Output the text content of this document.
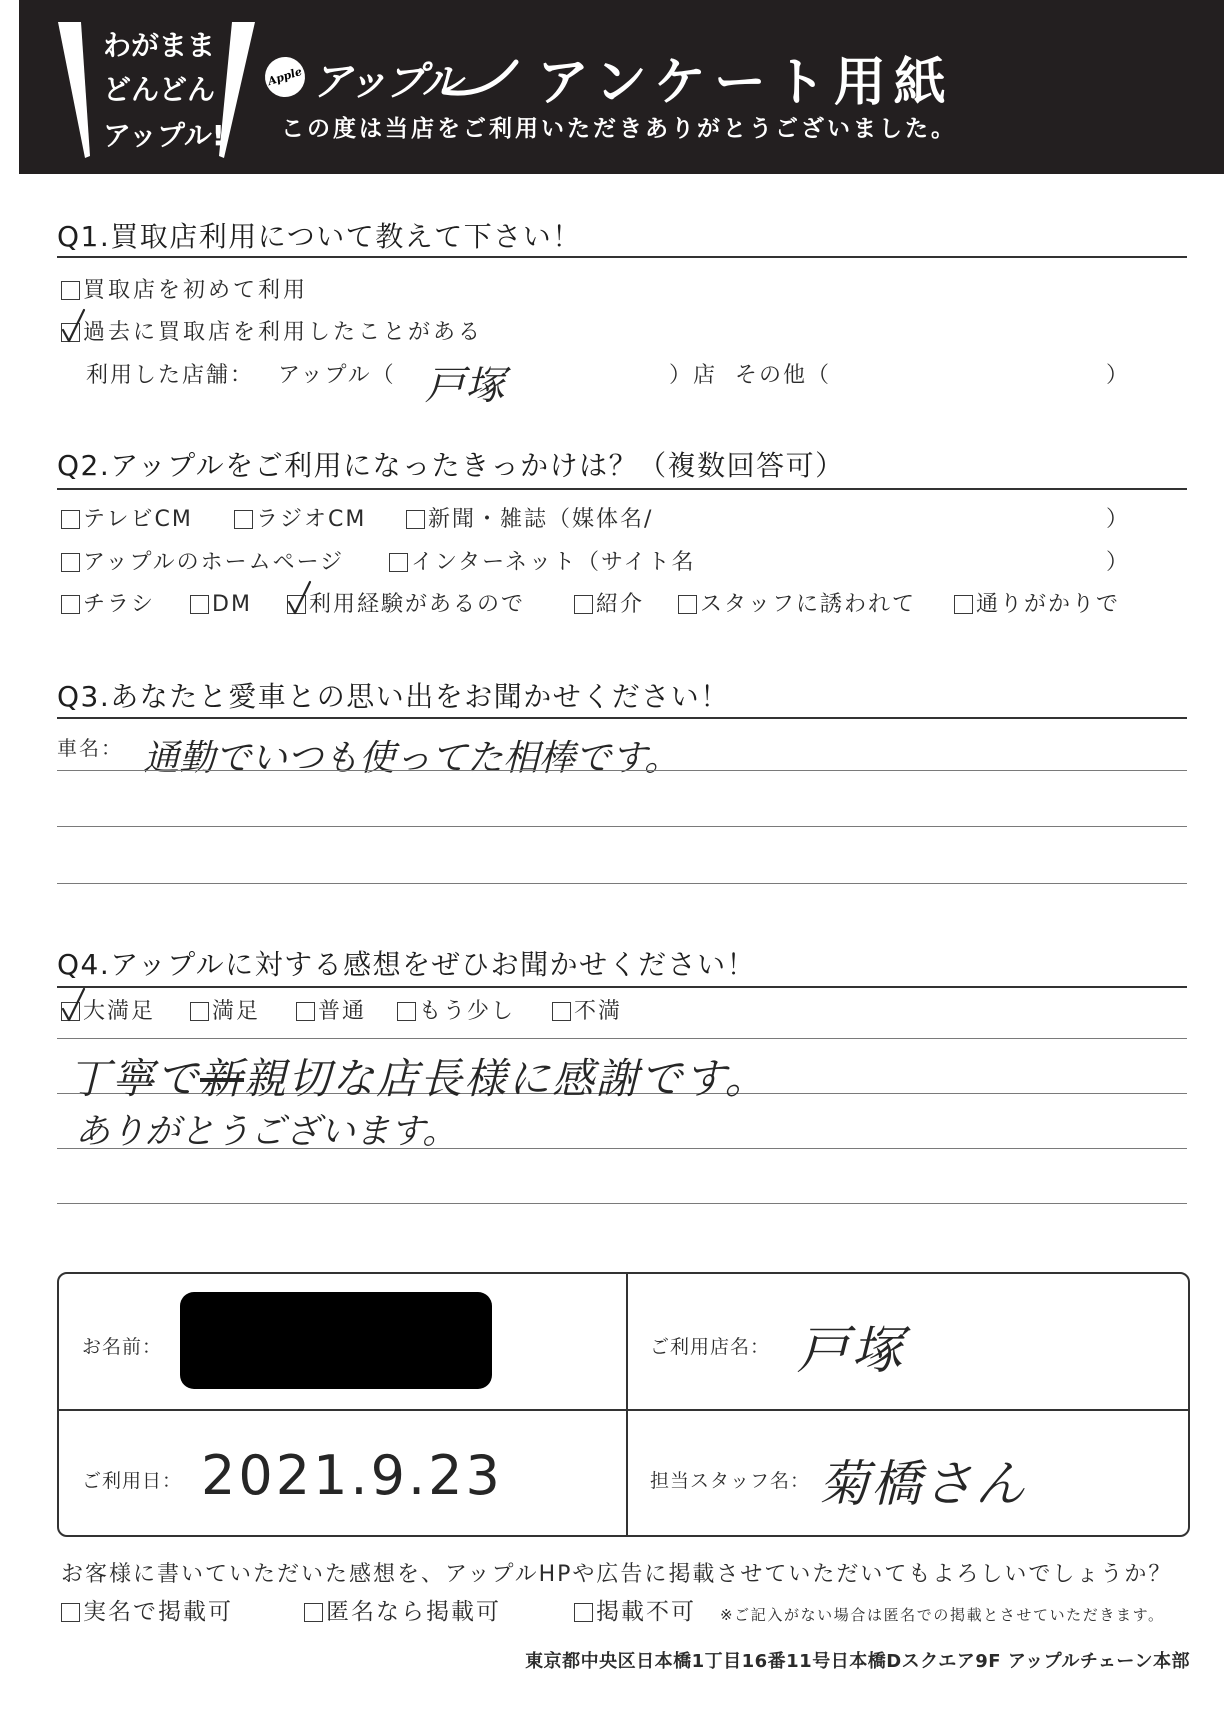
わがまま
どんどん
アップル!
Apple アップル アンケート用紙
この度は当店をご利用いただきありがとうございました。
Q1.買取店利用について教えて下さい！
買取店を初めて利用
過去に買取店を利用したことがある
利用した店舗： アップル（ 戸塚	）店 その他（	）
Q2.アップルをご利用になったきっかけは？（複数回答可）
テレビCM	ラジオCM	新聞・雑誌（媒体名/	）
アップルのホームページ	インターネット（サイト名	）
チラシ	DM	利用経験があるので	紹介	スタッフに誘われて	通りがかりで
Q3.あなたと愛車との思い出をお聞かせください！
車名： 通勤でいつも使ってた相棒です。
Q4.アップルに対する感想をぜひお聞かせください！
大満足	満足	普通	もう少し	不満
丁寧で新親切な店長様に感謝です。
ありがとうございます。
お名前：	ご利用店名： 戸塚
ご利用日： 2021.9.23	担当スタッフ名： 菊橋さん
お客様に書いていただいた感想を、アップルHPや広告に掲載させていただいてもよろしいでしょうか？
実名で掲載可	匿名なら掲載可	掲載不可 ※ご記入がない場合は匿名での掲載とさせていただきます。
東京都中央区日本橋1丁目16番11号日本橋Dスクエア9F アップルチェーン本部
